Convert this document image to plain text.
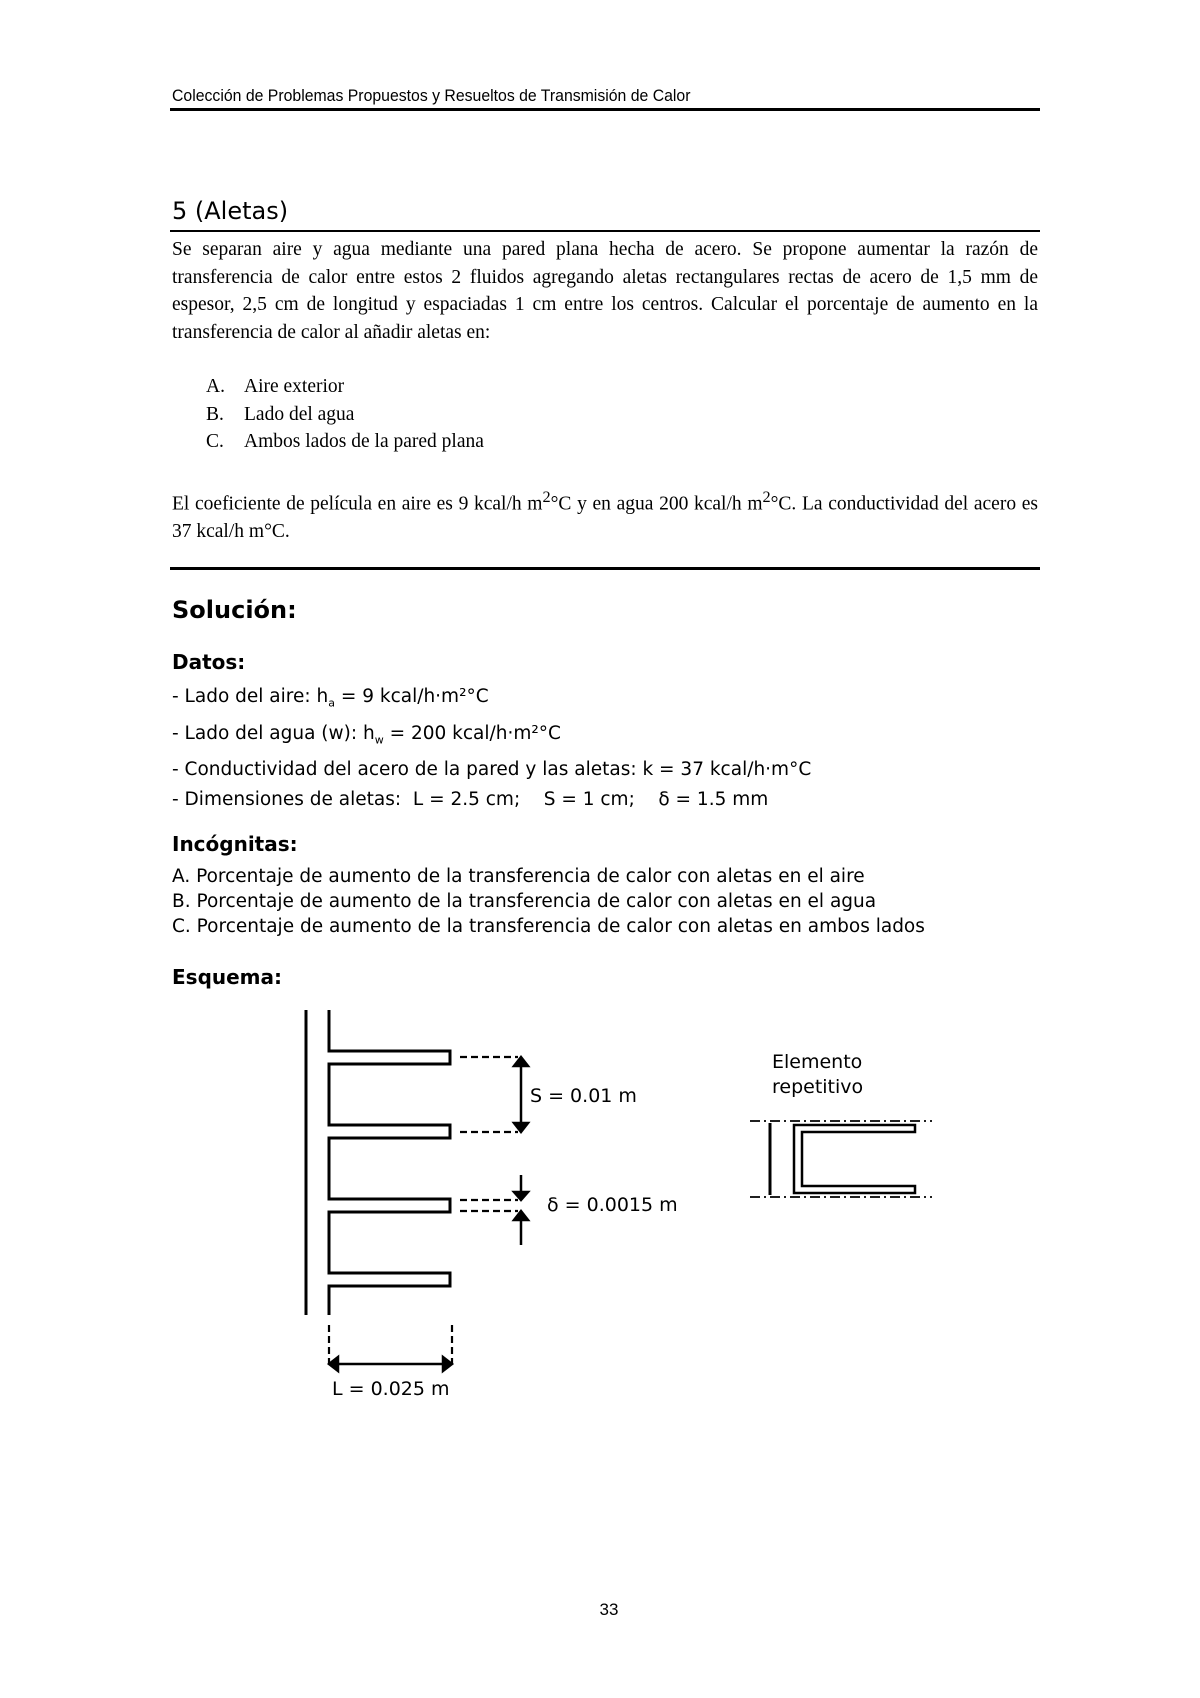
Colección de Problemas Propuestos y Resueltos de Transmisión de Calor
5 (Aletas)

Se separan aire y agua mediante una pared plana hecha de acero. Se propone aumentar la razón de transferencia de calor entre estos 2 fluidos agregando aletas rectangulares rectas de acero de 1,5 mm de espesor, 2,5 cm de longitud y espaciadas 1 cm entre los centros. Calcular el porcentaje de aumento en la transferencia de calor al añadir aletas en:

A. Aire exterior
B. Lado del agua
C. Ambos lados de la pared plana

El coeficiente de película en aire es 9 kcal/h $m^2^\circ C$ y en agua 200 kcal/h $m^2^\circ C$. La conductividad del acero es 37 kcal/h m°C.

Solución:
Datos:
- Lado del aire: $h_a = 9$ kcal/h·m²°C
- Lado del agua (w): $h_w = 200$ kcal/h·m²°C
- Conductividad del acero de la pared y las aletas: k = 37 kcal/h·m°C
- Dimensiones de aletas: L = 2.5 cm; S = 1 cm; δ = 1.5 mm
Incógnitas:
A. Porcentaje de aumento de la transferencia de calor con aletas en el aire
B. Porcentaje de aumento de la transferencia de calor con aletas en el agua
C. Porcentaje de aumento de la transferencia de calor con aletas en ambos lados
Esquema:
S = 0.01 m
δ = 0.0015 m
L = 0.025 m
Elemento
repetitivo
33
